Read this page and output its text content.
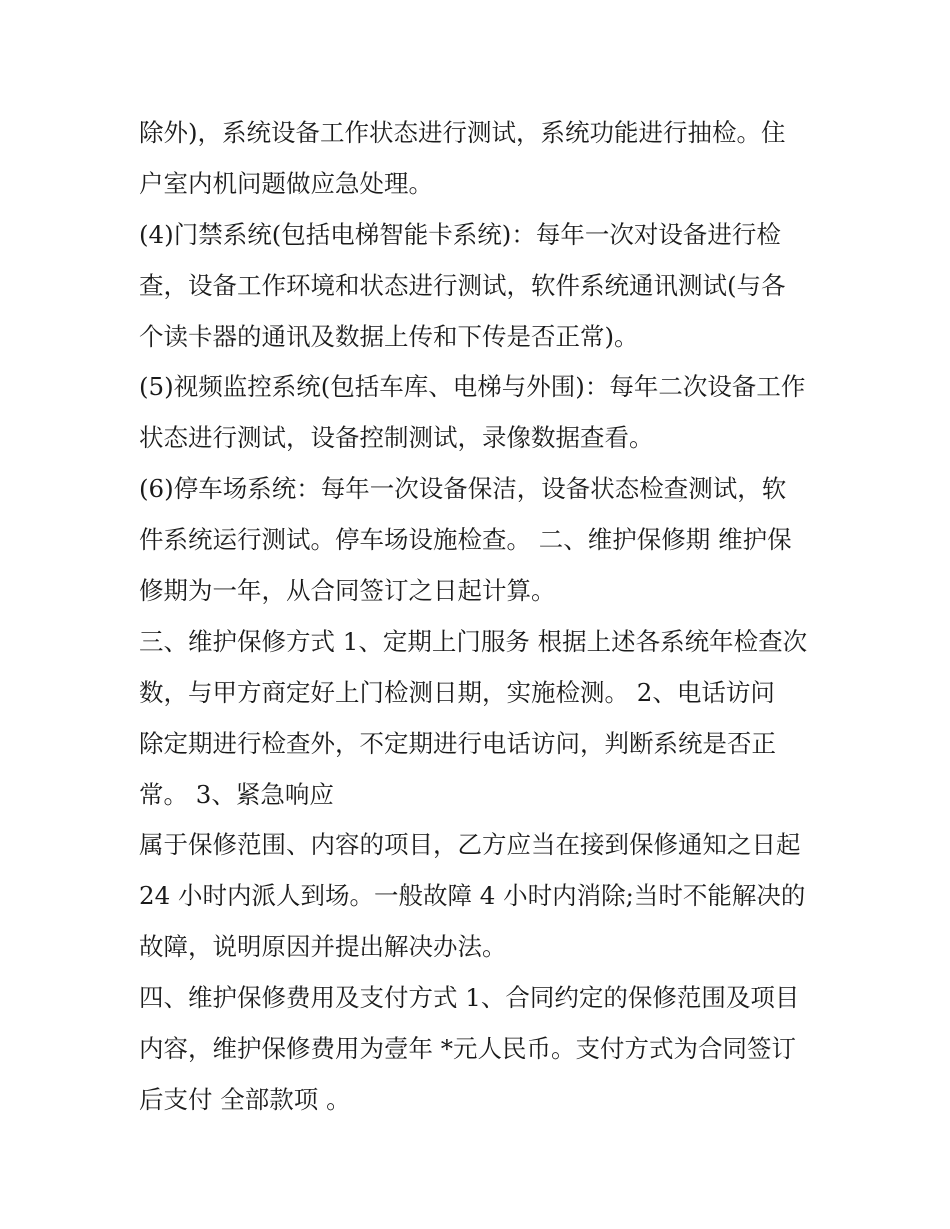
除外)，系统设备工作状态进行测试，系统功能进行抽检。住
户室内机问题做应急处理。
(4)门禁系统(包括电梯智能卡系统)：每年一次对设备进行检
查，设备工作环境和状态进行测试，软件系统通讯测试(与各
个读卡器的通讯及数据上传和下传是否正常)。
(5)视频监控系统(包括车库、电梯与外围)：每年二次设备工作
状态进行测试，设备控制测试，录像数据查看。
(6)停车场系统：每年一次设备保洁，设备状态检查测试，软
件系统运行测试。停车场设施检查。 二、维护保修期 维护保
修期为一年，从合同签订之日起计算。
三、维护保修方式 1、定期上门服务 根据上述各系统年检查次
数，与甲方商定好上门检测日期，实施检测。 2、电话访问
除定期进行检查外，不定期进行电话访问，判断系统是否正
常。 3、紧急响应
属于保修范围、内容的项目，乙方应当在接到保修通知之日起
24 小时内派人到场。一般故障 4 小时内消除;当时不能解决的
故障，说明原因并提出解决办法。
四、维护保修费用及支付方式 1、合同约定的保修范围及项目
内容，维护保修费用为壹年 *元人民币。支付方式为合同签订
后支付 全部款项 。
